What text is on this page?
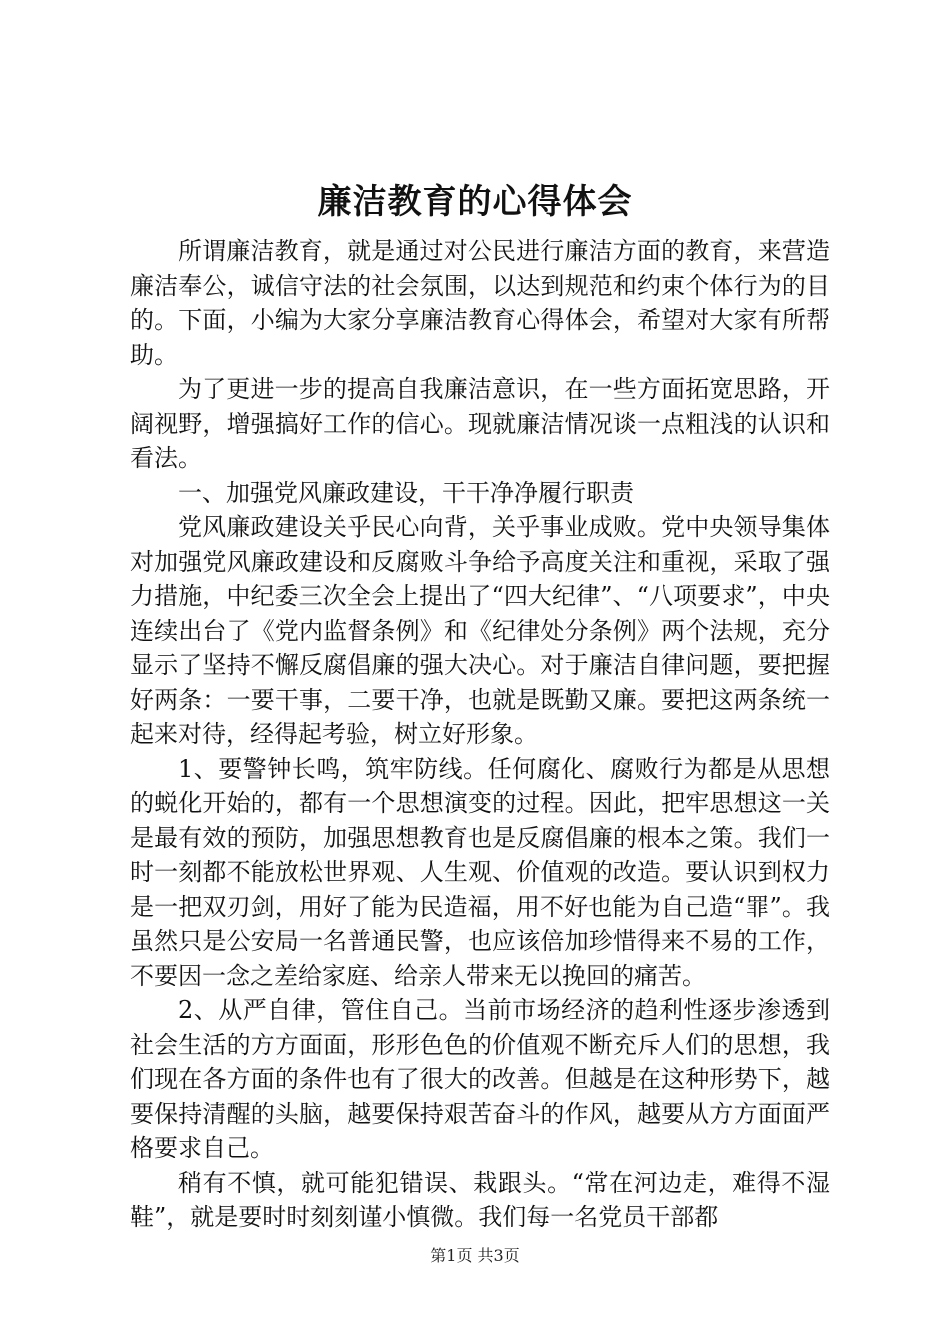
廉洁教育的心得体会

所谓廉洁教育，就是通过对公民进行廉洁方面的教育，来营造廉洁奉公，诚信守法的社会氛围，以达到规范和约束个体行为的目的。下面，小编为大家分享廉洁教育心得体会，希望对大家有所帮助。

为了更进一步的提高自我廉洁意识，在一些方面拓宽思路，开阔视野，增强搞好工作的信心。现就廉洁情况谈一点粗浅的认识和看法。

一、加强党风廉政建设，干干净净履行职责

党风廉政建设关乎民心向背，关乎事业成败。党中央领导集体对加强党风廉政建设和反腐败斗争给予高度关注和重视，采取了强力措施，中纪委三次全会上提出了“四大纪律”、“八项要求”，中央连续出台了《党内监督条例》和《纪律处分条例》两个法规，充分显示了坚持不懈反腐倡廉的强大决心。对于廉洁自律问题，要把握好两条：一要干事，二要干净，也就是既勤又廉。要把这两条统一起来对待，经得起考验，树立好形象。

1、要警钟长鸣，筑牢防线。任何腐化、腐败行为都是从思想的蜕化开始的，都有一个思想演变的过程。因此，把牢思想这一关是最有效的预防，加强思想教育也是反腐倡廉的根本之策。我们一时一刻都不能放松世界观、人生观、价值观的改造。要认识到权力是一把双刃剑，用好了能为民造福，用不好也能为自己造“罪”。我虽然只是公安局一名普通民警，也应该倍加珍惜得来不易的工作，不要因一念之差给家庭、给亲人带来无以挽回的痛苦。

2、从严自律，管住自己。当前市场经济的趋利性逐步渗透到社会生活的方方面面，形形色色的价值观不断充斥人们的思想，我们现在各方面的条件也有了很大的改善。但越是在这种形势下，越要保持清醒的头脑，越要保持艰苦奋斗的作风，越要从方方面面严格要求自己。

稍有不慎，就可能犯错误、栽跟头。“常在河边走，难得不湿鞋”，就是要时时刻刻谨小慎微。我们每一名党员干部都

第1页 共3页
